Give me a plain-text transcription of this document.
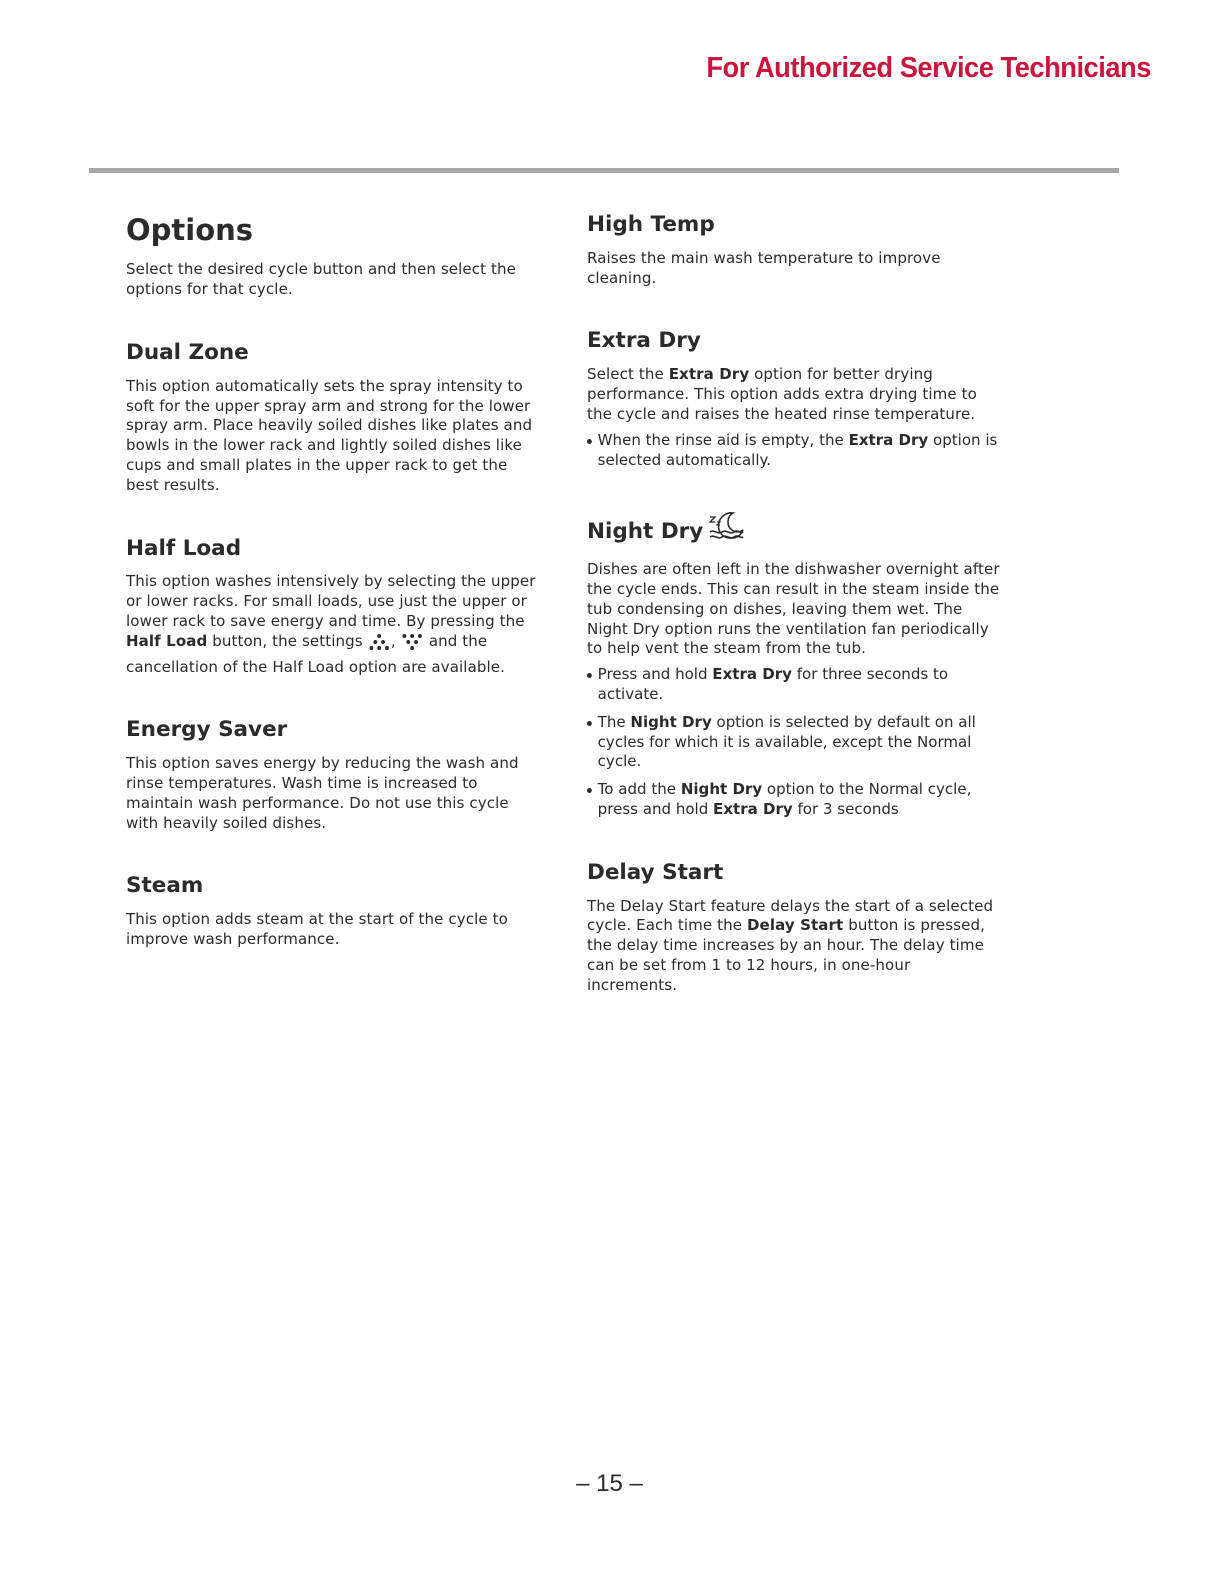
For Authorized Service Technicians
Options

Select the desired cycle button and then select the options for that cycle.

Dual Zone

This option automatically sets the spray intensity to soft for the upper spray arm and strong for the lower spray arm. Place heavily soiled dishes like plates and bowls in the lower rack and lightly soiled dishes like cups and small plates in the upper rack to get the best results.

Half Load

This option washes intensively by selecting the upper or lower racks. For small loads, use just the upper or lower rack to save energy and time. By pressing the Half Load button, the settings ,  and the cancellation of the Half Load option are available.

Energy Saver

This option saves energy by reducing the wash and rinse temperatures. Wash time is increased to maintain wash performance. Do not use this cycle with heavily soiled dishes.

Steam

This option adds steam at the start of the cycle to improve wash performance.

High Temp

Raises the main wash temperature to improve cleaning.

Extra Dry

Select the Extra Dry option for better drying performance. This option adds extra drying time to the cycle and raises the heated rinse temperature.

When the rinse aid is empty, the Extra Dry option is selected automatically.
Night Dry

Dishes are often left in the dishwasher overnight after the cycle ends. This can result in the steam inside the tub condensing on dishes, leaving them wet. The Night Dry option runs the ventilation fan periodically to help vent the steam from the tub.

Press and hold Extra Dry for three seconds to activate.
The Night Dry option is selected by default on all cycles for which it is available, except the Normal cycle.
To add the Night Dry option to the Normal cycle, press and hold Extra Dry for 3 seconds
Delay Start

The Delay Start feature delays the start of a selected cycle. Each time the Delay Start button is pressed, the delay time increases by an hour. The delay time can be set from 1 to 12 hours, in one-hour increments.

– 15 –
